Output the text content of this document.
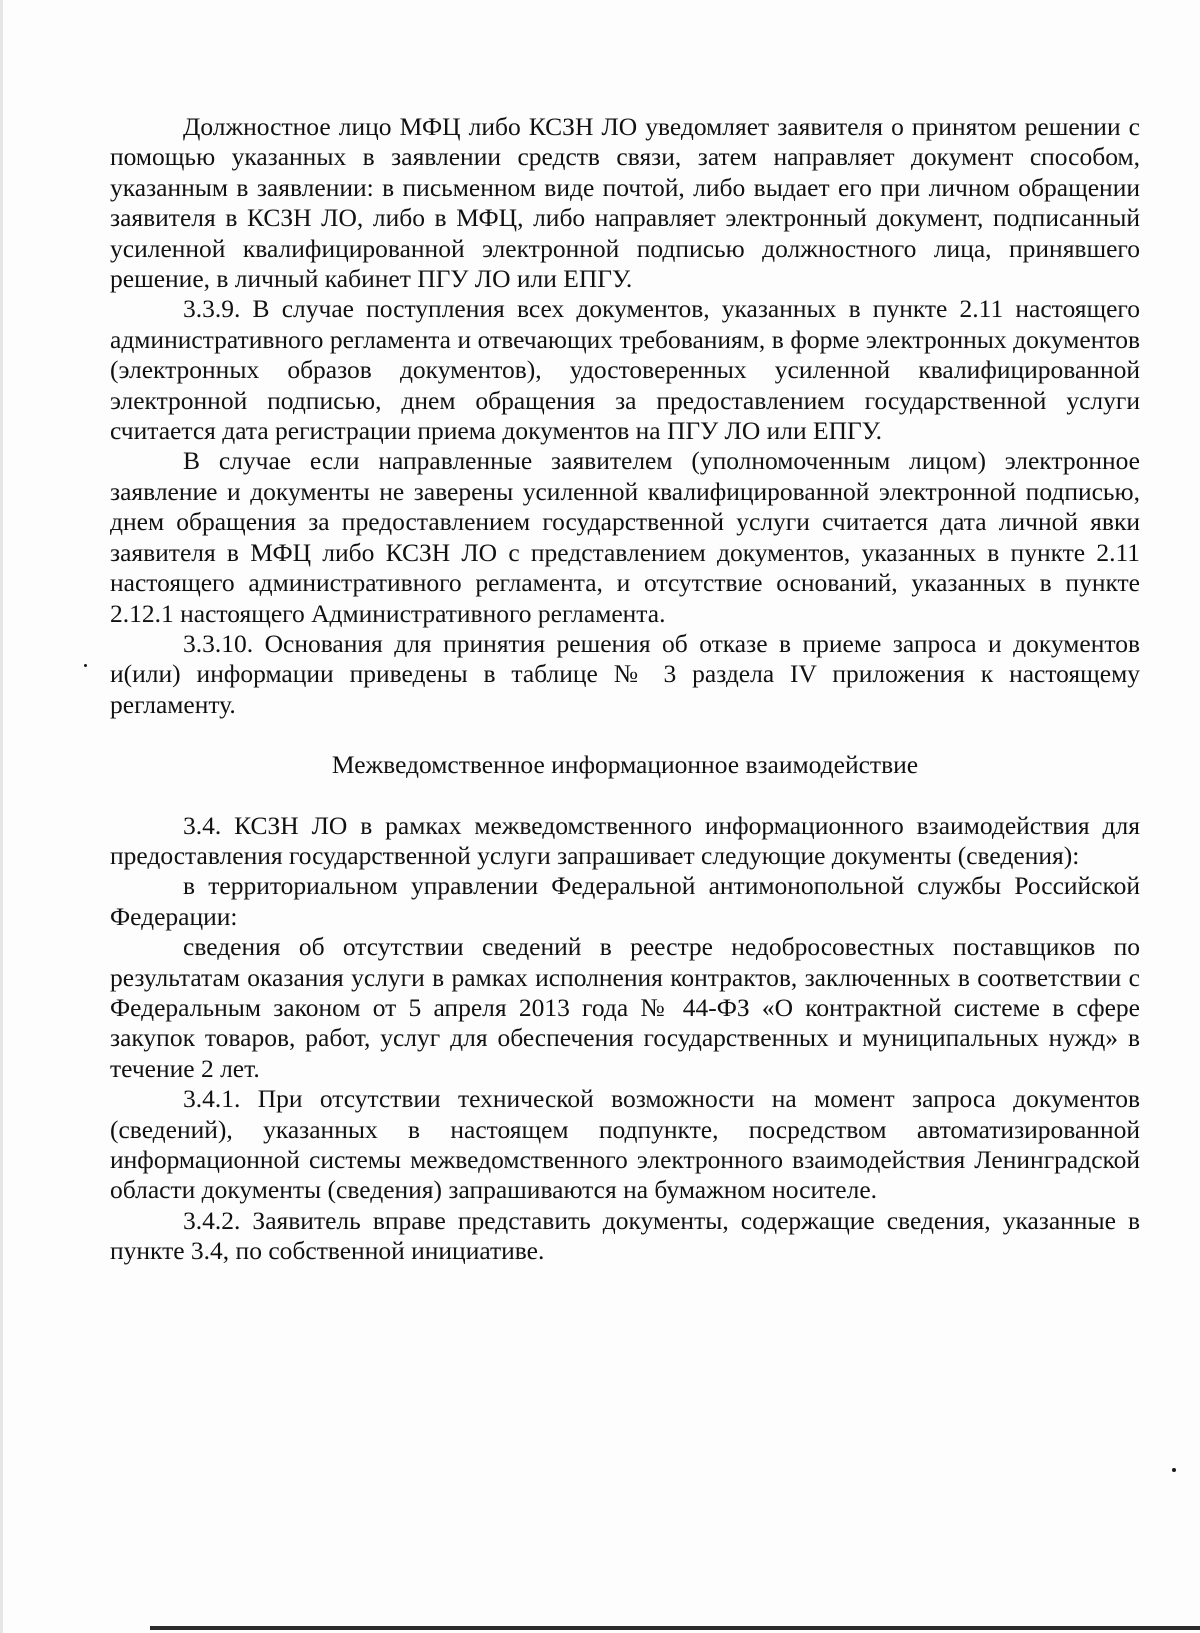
Должностное лицо МФЦ либо КСЗН ЛО уведомляет заявителя о принятом решении с помощью указанных в заявлении средств связи, затем направляет документ способом, указанным в заявлении: в письменном виде почтой, либо выдает его при личном обращении заявителя в КСЗН ЛО, либо в МФЦ, либо направляет электронный документ, подписанный усиленной квалифицированной электронной подписью должностного лица, принявшего решение, в личный кабинет ПГУ ЛО или ЕПГУ.

3.3.9. В случае поступления всех документов, указанных в пункте 2.11 настоящего административного регламента и отвечающих требованиям, в форме электронных документов (электронных образов документов), удостоверенных усиленной квалифицированной электронной подписью, днем обращения за предоставлением государственной услуги считается дата регистрации приема документов на ПГУ ЛО или ЕПГУ.

В случае если направленные заявителем (уполномоченным лицом) электронное заявление и документы не заверены усиленной квалифицированной электронной подписью, днем обращения за предоставлением государственной услуги считается дата личной явки заявителя в МФЦ либо КСЗН ЛО с представлением документов, указанных в пункте 2.11 настоящего административного регламента, и отсутствие оснований, указанных в пункте 2.12.1 настоящего Административного регламента.

3.3.10. Основания для принятия решения об отказе в приеме запроса и документов и(или) информации приведены в таблице № 3 раздела IV приложения к настоящему регламенту.

Межведомственное информационное взаимодействие

3.4. КСЗН ЛО в рамках межведомственного информационного взаимодействия для предоставления государственной услуги запрашивает следующие документы (сведения):

в территориальном управлении Федеральной антимонопольной службы Российской Федерации:

сведения об отсутствии сведений в реестре недобросовестных поставщиков по результатам оказания услуги в рамках исполнения контрактов, заключенных в соответствии с Федеральным законом от 5 апреля 2013 года № 44-ФЗ «О контрактной системе в сфере закупок товаров, работ, услуг для обеспечения государственных и муниципальных нужд» в течение 2 лет.

3.4.1. При отсутствии технической возможности на момент запроса документов (сведений), указанных в настоящем подпункте, посредством автоматизированной информационной системы межведомственного электронного взаимодействия Ленинградской области документы (сведения) запрашиваются на бумажном носителе.

3.4.2. Заявитель вправе представить документы, содержащие сведения, указанные в пункте 3.4, по собственной инициативе.
